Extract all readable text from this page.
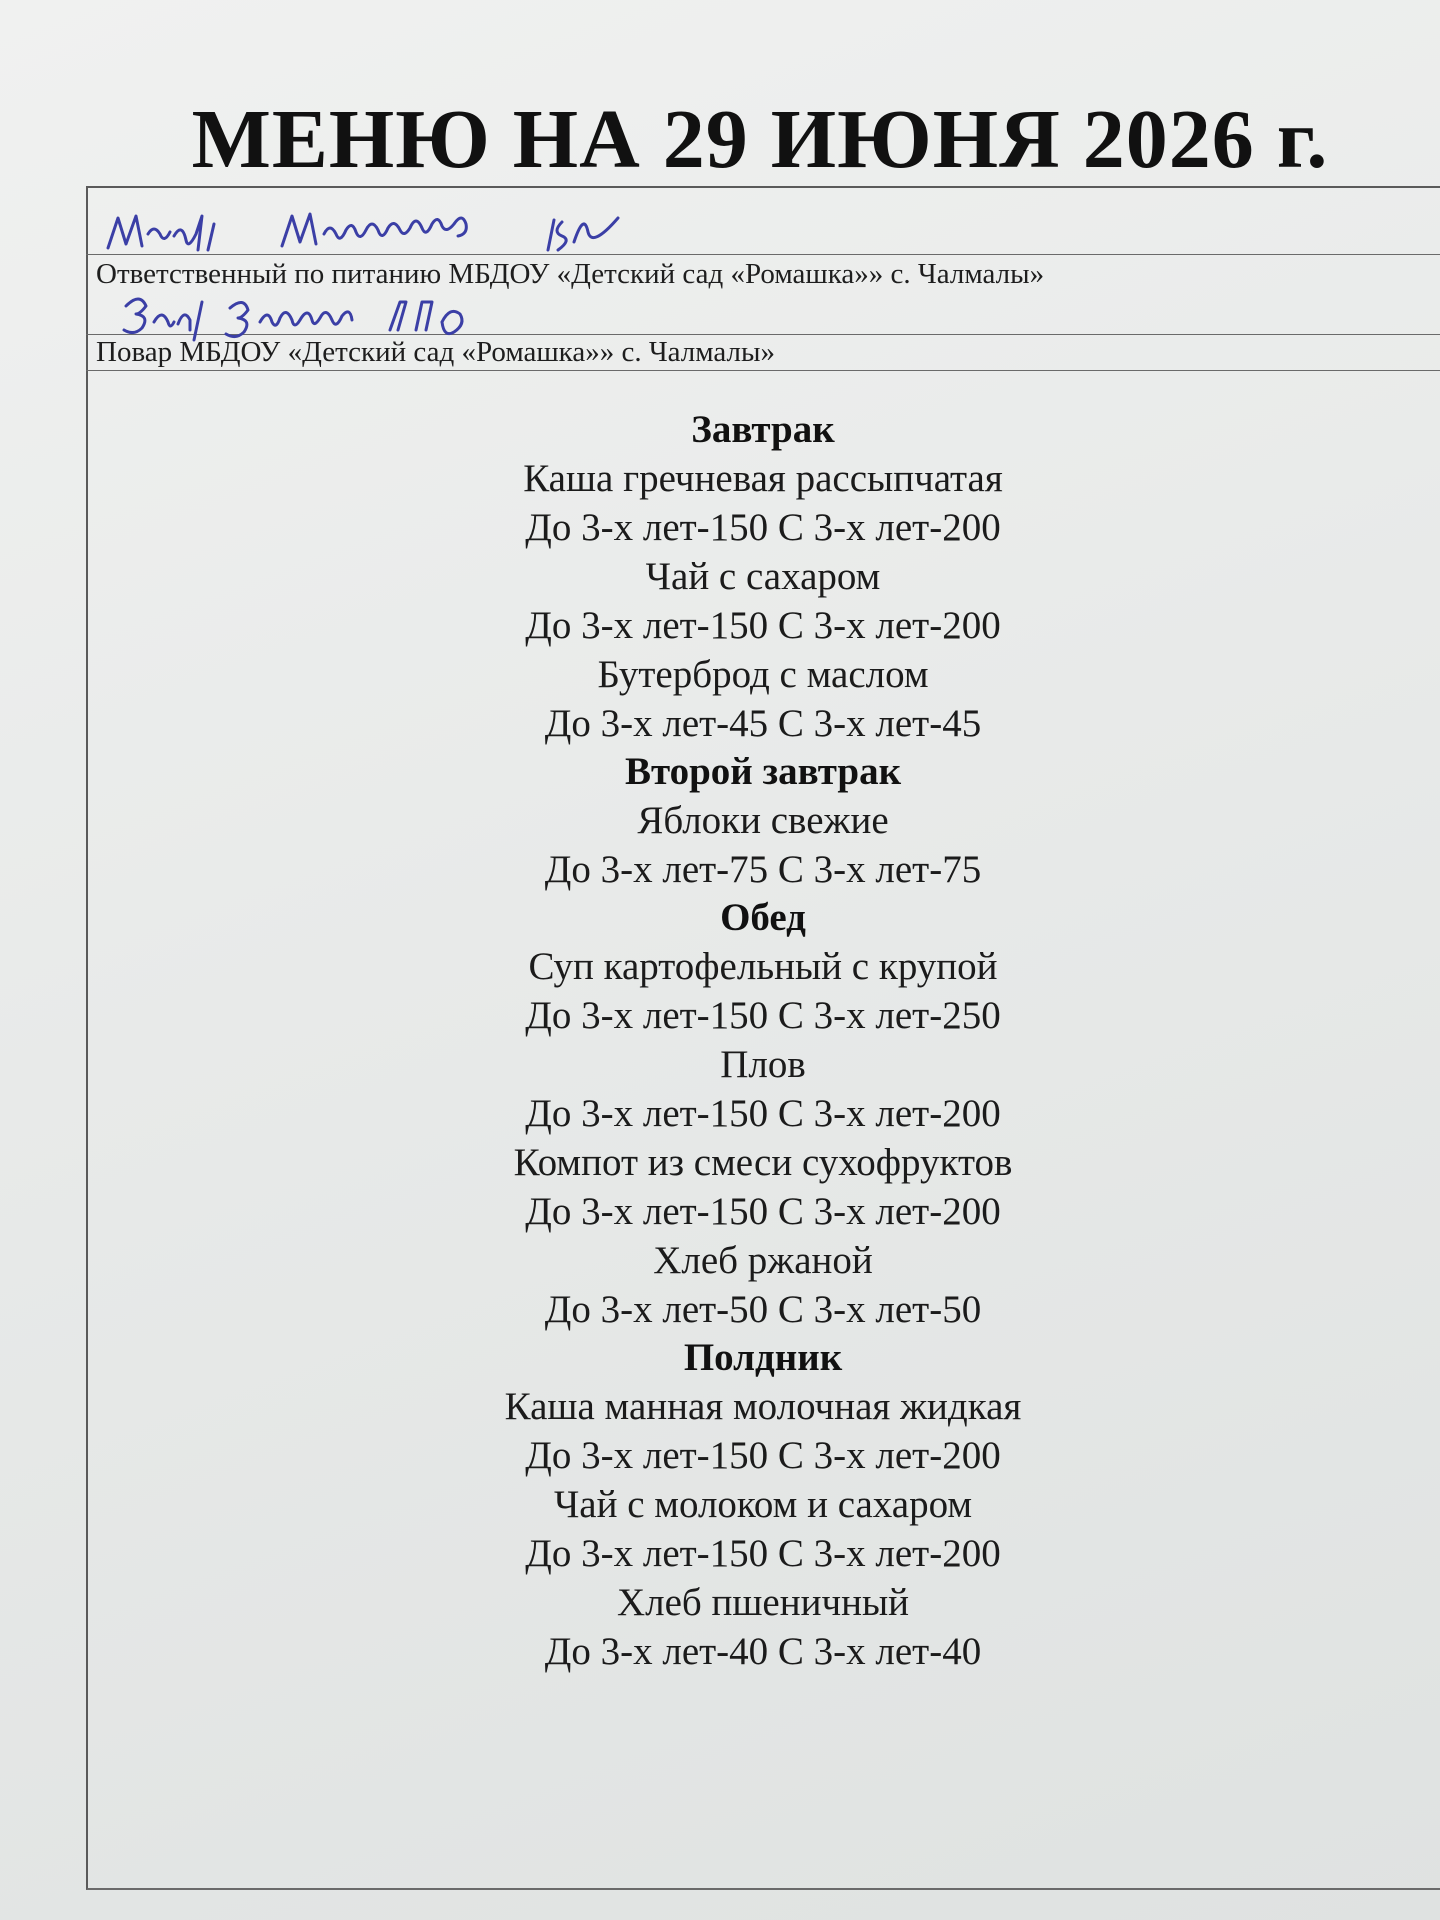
МЕНЮ НА 29 ИЮНЯ 2026 г.
Ответственный по питанию МБДОУ «Детский сад «Ромашка»» с. Чалмалы»
Повар МБДОУ «Детский сад «Ромашка»» с. Чалмалы»
Завтрак
Каша гречневая рассыпчатая
До 3-х лет-150 С 3-х лет-200
Чай с сахаром
До 3-х лет-150 С 3-х лет-200
Бутерброд с маслом
До 3-х лет-45 С 3-х лет-45
Второй завтрак
Яблоки свежие
До 3-х лет-75 С 3-х лет-75
Обед
Суп картофельный с крупой
До 3-х лет-150 С 3-х лет-250
Плов
До 3-х лет-150 С 3-х лет-200
Компот из смеси сухофруктов
До 3-х лет-150 С 3-х лет-200
Хлеб ржаной
До 3-х лет-50 С 3-х лет-50
Полдник
Каша манная молочная жидкая
До 3-х лет-150 С 3-х лет-200
Чай с молоком и сахаром
До 3-х лет-150 С 3-х лет-200
Хлеб пшеничный
До 3-х лет-40 С 3-х лет-40
